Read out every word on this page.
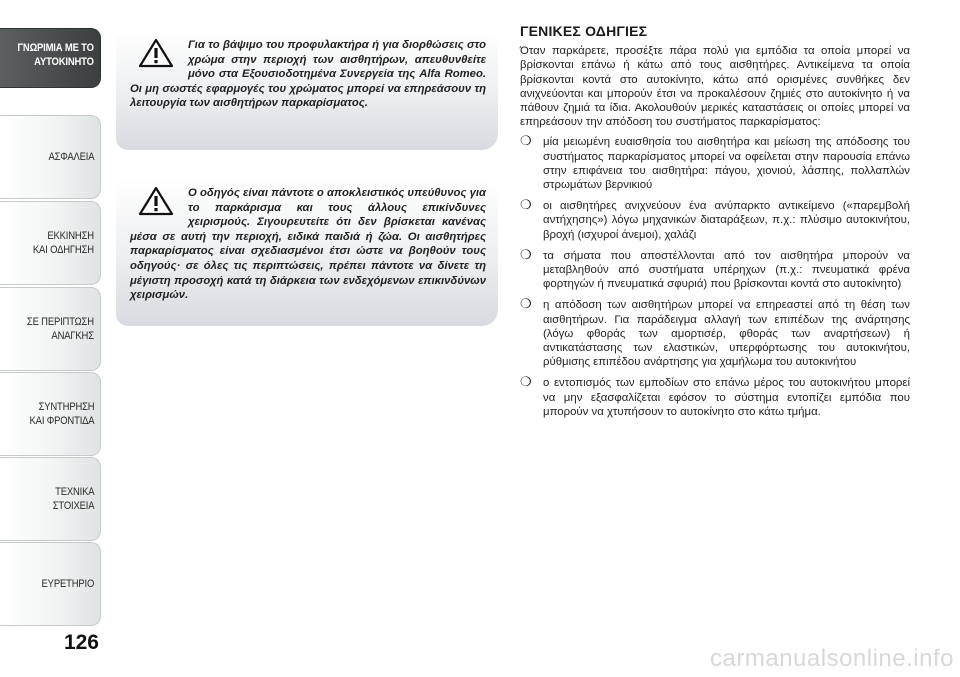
ΓΝΩΡΙΜΙΑ ΜΕ ΤΟ
ΑΥΤΟΚΙΝΗΤΟ
ΑΣΦΑΛΕΙΑ
ΕΚΚΙΝΗΣΗ
ΚΑΙ ΟΔΗΓΗΣΗ
ΣΕ ΠΕΡΙΠΤΩΣΗ
ΑΝΑΓΚΗΣ
ΣΥΝΤΗΡΗΣΗ
ΚΑΙ ΦΡΟΝΤΙΔΑ
ΤΕΧΝΙΚΑ
ΣΤΟΙΧΕΙΑ
ΕΥΡΕΤΗΡΙΟ
126
Για το βάψιμο του προφυλακτήρα ή για διορθώσεις στο χρώμα στην περιοχή των αισθητήρων, απευθυνθείτε μόνο στα Εξουσιοδοτημένα Συνεργεία της Alfa Romeo. Οι μη σωστές εφαρμογές του χρώματος μπορεί να επηρεάσουν τη λειτουργία των αισθητήρων παρκαρίσματος.
Ο οδηγός είναι πάντοτε ο αποκλειστικός υπεύθυνος για το παρκάρισμα και τους άλλους επικίνδυνες χειρισμούς. Σιγουρευτείτε ότι δεν βρίσκεται κανένας μέσα σε αυτή την περιοχή, ειδικά παιδιά ή ζώα. Οι αισθητήρες παρκαρίσματος είναι σχεδιασμένοι έτσι ώστε να βοηθούν τους οδηγούς· σε όλες τις περιπτώσεις, πρέπει πάντοτε να δίνετε τη μέγιστη προσοχή κατά τη διάρκεια των ενδεχόμενων επικινδύνων χειρισμών.
ΓΕΝΙΚΕΣ ΟΔΗΓΙΕΣ

Όταν παρκάρετε, προσέξτε πάρα πολύ για εμπόδια τα οποία μπορεί να βρίσκονται επάνω ή κάτω από τους αισθητήρες. Αντικείμενα τα οποία βρίσκονται κοντά στο αυτοκίνητο, κάτω από ορισμένες συνθήκες δεν ανιχνεύονται και μπορούν έτσι να προκαλέσουν ζημιές στο αυτοκίνητο ή να πάθουν ζημιά τα ίδια. Ακολουθούν μερικές καταστάσεις οι οποίες μπορεί να επηρεάσουν την απόδοση του συστήματος παρκαρίσματος:

❍ μία μειωμένη ευαισθησία του αισθητήρα και μείωση της απόδοσης του συστήματος παρκαρίσματος μπορεί να οφείλεται στην παρουσία επάνω στην επιφάνεια του αισθητήρα: πάγου, χιονιού, λάσπης, πολλαπλών στρωμάτων βερνικιού
❍ οι αισθητήρες ανιχνεύουν ένα ανύπαρκτο αντικείμενο («παρεμβολή αντήχησης») λόγω μηχανικών διαταράξεων, π.χ.: πλύσιμο αυτοκινήτου, βροχή (ισχυροί άνεμοι), χαλάζι
❍ τα σήματα που αποστέλλονται από τον αισθητήρα μπορούν να μεταβληθούν από συστήματα υπέρηχων (π.χ.: πνευματικά φρένα φορτηγών ή πνευματικά σφυριά) που βρίσκονται κοντά στο αυτοκίνητο)
❍ η απόδοση των αισθητήρων μπορεί να επηρεαστεί από τη θέση των αισθητήρων. Για παράδειγμα αλλαγή των επιπέδων της ανάρτησης (λόγω φθοράς των αμορτισέρ, φθοράς των αναρτήσεων) ή αντικατάστασης των ελαστικών, υπερφόρτωσης του αυτοκινήτου, ρύθμισης επιπέδου ανάρτησης για χαμήλωμα του αυτοκινήτου
❍ ο εντοπισμός των εμποδίων στο επάνω μέρος του αυτοκινήτου μπορεί να μην εξασφαλίζεται εφόσον το σύστημα εντοπίζει εμπόδια που μπορούν να χτυπήσουν το αυτοκίνητο στο κάτω τμήμα.
carmanualsonline.info
